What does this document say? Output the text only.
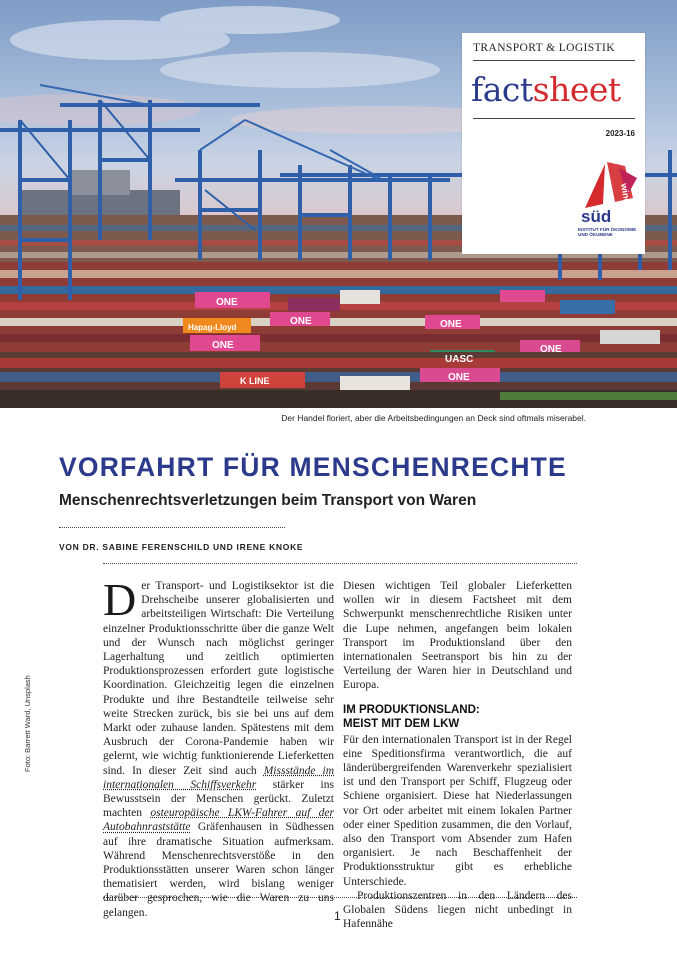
ONE
Hapag-Lloyd
ONE
ONE	ONE
ONE
UASC
K LINE
ONE
Der Handel floriert, aber die Arbeitsbedingungen an Deck sind oftmals miserabel.
TRANSPORT & LOGISTIK
factsheet
2023-16
wind
süd
INSTITUT FÜR ÖKONOMIE UND ÖKUMENE
VORFAHRT FÜR MENSCHENRECHTE
Menschenrechtsverletzungen beim Transport von Waren
VON DR. SABINE FERENSCHILD UND IRENE KNOKE
Foto: Barrett Ward, Unsplash

Der Transport- und Logistiksektor ist die Drehscheibe unserer globalisierten und arbeitsteiligen Wirtschaft: Die Verteilung einzelner Produktionsschritte über die ganze Welt und der Wunsch nach möglichst geringer Lagerhaltung und zeitlich optimierten Produktionsprozessen erfordert gute logistische Koordination. Gleichzeitig legen die einzelnen Produkte und ihre Bestandteile teilweise sehr weite Strecken zurück, bis sie bei uns auf dem Markt oder zuhause landen. Spätestens mit dem Ausbruch der Corona-Pandemie haben wir gelernt, wie wichtig funktionierende Lieferketten sind. In dieser Zeit sind auch Missstände im internationalen Schiffsverkehr stärker ins Bewusstsein der Menschen gerückt. Zuletzt machten osteuropäische LKW-Fahrer auf der Autobahnraststätte Gräfenhausen in Südhessen auf ihre dramatische Situation aufmerksam. Während Menschenrechtsverstöße in den Produktionsstätten unserer Waren schon länger thematisiert werden, wird bislang weniger darüber gesprochen, wie die Waren zu uns gelangen.

Diesen wichtigen Teil globaler Lieferketten wollen wir in diesem Factsheet mit dem Schwerpunkt menschenrechtliche Risiken unter die Lupe nehmen, angefangen beim lokalen Transport im Produktionsland über den internationalen Seetransport bis hin zu der Verteilung der Waren hier in Deutschland und Europa.

IM PRODUKTIONSLAND:
MEIST MIT DEM LKW

Für den internationalen Transport ist in der Regel eine Speditionsfirma verantwortlich, die auf länderübergreifenden Warenverkehr spezialisiert ist und den Transport per Schiff, Flugzeug oder Schiene organisiert. Diese hat Niederlassungen vor Ort oder arbeitet mit einem lokalen Partner oder einer Spedition zusammen, die den Vorlauf, also den Transport vom Absender zum Hafen organisiert. Je nach Beschaffenheit der Produktionsstruktur gibt es erhebliche Unterschiede.

Produktionszentren in den Ländern des Globalen Südens liegen nicht unbedingt in Hafennähe

1
